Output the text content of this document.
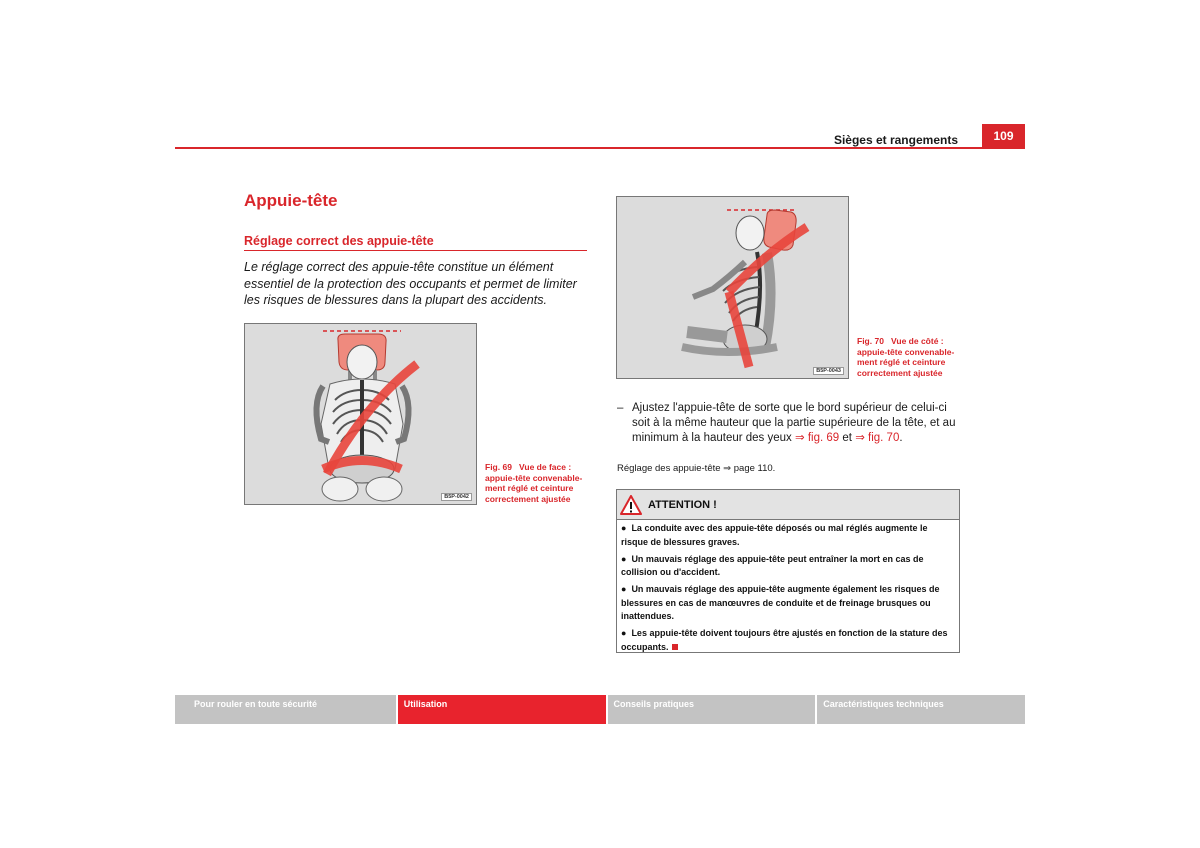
Sièges et rangements	109
Appuie-tête
Réglage correct des appuie-tête
Le réglage correct des appuie-tête constitue un élément essentiel de la protection des occupants et permet de limiter les risques de blessures dans la plupart des accidents.
B5P-0042
Fig. 69 Vue de face : appuie-tête convenable-ment réglé et ceinture correctement ajustée
B5P-0043
Fig. 70 Vue de côté : appuie-tête convenable-ment réglé et ceinture correctement ajustée
– Ajustez l'appuie-tête de sorte que le bord supérieur de celui-ci soit à la même hauteur que la partie supérieure de la tête, et au minimum à la hauteur des yeux ⇒ fig. 69 et ⇒ fig. 70.
Réglage des appuie-tête ⇒ page 110.
ATTENTION !
●  La conduite avec des appuie-tête déposés ou mal réglés augmente le risque de blessures graves.
●  Un mauvais réglage des appuie-tête peut entraîner la mort en cas de collision ou d'accident.
●  Un mauvais réglage des appuie-tête augmente également les risques de blessures en cas de manœuvres de conduite et de freinage brusques ou inattendues.
●  Les appuie-tête doivent toujours être ajustés en fonction de la stature des occupants.
Pour rouler en toute sécurité	Utilisation	Conseils pratiques	Caractéristiques techniques
